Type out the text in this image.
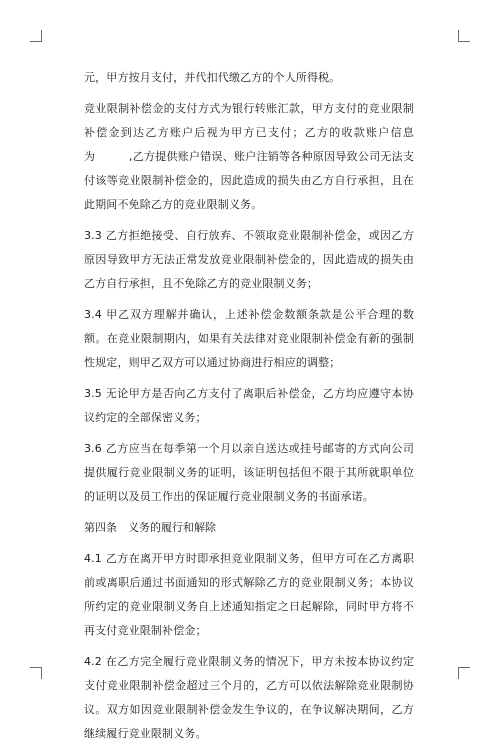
元，甲方按月支付，并代扣代缴乙方的个人所得税。

竞业限制补偿金的支付方式为银行转账汇款，甲方支付的竞业限制补偿金到达乙方账户后视为甲方已支付；乙方的收款账户信息为　　　,乙方提供账户错误、账户注销等各种原因导致公司无法支付该等竞业限制补偿金的，因此造成的损失由乙方自行承担，且在此期间不免除乙方的竞业限制义务。

3.3 乙方拒绝接受、自行放弃、不领取竞业限制补偿金，或因乙方原因导致甲方无法正常发放竞业限制补偿金的，因此造成的损失由乙方自行承担，且不免除乙方的竞业限制义务；

3.4 甲乙双方理解并确认，上述补偿金数额条款是公平合理的数额。在竞业限制期内，如果有关法律对竞业限制补偿金有新的强制性规定，则甲乙双方可以通过协商进行相应的调整；

3.5 无论甲方是否向乙方支付了离职后补偿金，乙方均应遵守本协议约定的全部保密义务；

3.6 乙方应当在每季第一个月以亲自送达或挂号邮寄的方式向公司提供履行竞业限制义务的证明，该证明包括但不限于其所就职单位的证明以及员工作出的保证履行竞业限制义务的书面承诺。

第四条　义务的履行和解除

4.1 乙方在离开甲方时即承担竞业限制义务，但甲方可在乙方离职前或离职后通过书面通知的形式解除乙方的竞业限制义务；本协议所约定的竞业限制义务自上述通知指定之日起解除，同时甲方将不再支付竞业限制补偿金；

4.2 在乙方完全履行竞业限制义务的情况下，甲方未按本协议约定支付竞业限制补偿金超过三个月的，乙方可以依法解除竞业限制协议。双方如因竞业限制补偿金发生争议的，在争议解决期间，乙方继续履行竞业限制义务。
